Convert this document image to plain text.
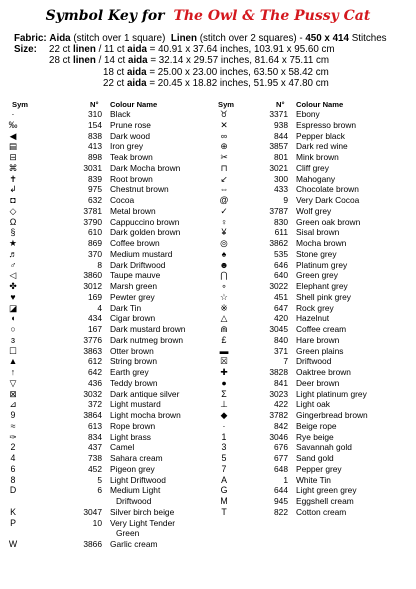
Symbol Key for The Owl & The Pussy Cat
Fabric: Aida (stitch over 1 square) Linen (stitch over 2 squares) - 450 x 414 Stitches
Size: 22 ct linen / 11 ct aida = 40.91 x 37.64 inches, 103.91 x 95.60 cm
28 ct linen / 14 ct aida = 32.14 x 29.57 inches, 81.64 x 75.11 cm
18 ct aida = 25.00 x 23.00 inches, 63.50 x 58.42 cm
22 ct aida = 20.45 x 18.82 inches, 51.95 x 47.80 cm
Sym	N° Colour Name	Sym	N° Colour Name
·	310 Black
‰	154 Prune rose
◀	838 Dark wood
▤	413 Iron grey
⊟	898 Teak brown
⌘	3031 Dark Mocha brown
✝	839 Root brown
↲	975 Chestnut brown
◘	632 Cocoa
◇	3781 Metal brown
Ω	3790 Cappuccino brown
§	610 Dark golden brown
★	869 Coffee brown
♬	370 Medium mustard
♂	8 Dark Driftwood
◁	3860 Taupe mauve
✤	3012 Marsh green
♥	169 Pewter grey
◪	4 Dark Tin
◖	434 Cigar brown
○	167 Dark mustard brown
ɜ	3776 Dark nutmeg brown
☐	3863 Otter brown
▲	612 String brown
↑	642 Earth grey
▽	436 Teddy brown
⊠	3032 Dark antique silver
⊿	372 Light mustard
9	3864 Light mocha brown
≈	613 Rope brown
✑	834 Light brass
2	437 Camel
4	738 Sahara cream
6	452 Pigeon grey
8	5 Light Driftwood
D	6 Medium Light
Driftwood
K	3047 Silver birch beige
P	10 Very Light Tender
Green
W	3866 Garlic cream
♉	3371 Ebony
✕	938 Espresso brown
∞	844 Pepper black
⊕	3857 Dark red wine
✂	801 Mink brown
⊓	3021 Cliff grey
↙	300 Mahogany
⇔	433 Chocolate brown
@	9 Very Dark Cocoa
✓	3787 Wolf grey
♀	830 Green oak brown
¥	611 Sisal brown
◎	3862 Mocha brown
♠	535 Stone grey
☻	646 Platinum grey
⋂	640 Green grey
∘	3022 Elephant grey
☆	451 Shell pink grey
※	647 Rock grey
△	420 Hazelnut
⋒	3045 Coffee cream
£	840 Hare brown
▬	371 Green plains
☒	7 Driftwood
✚	3828 Oaktree brown
●	841 Deer brown
Σ	3023 Light platinum grey
⊥	422 Light oak
◆	3782 Gingerbread brown
·	842 Beige rope
1	3046 Rye beige
3	676 Savannah gold
5	677 Sand gold
7	648 Pepper grey
A	1 White Tin
G	644 Light green grey
M	945 Eggshell cream
T	822 Cotton cream
